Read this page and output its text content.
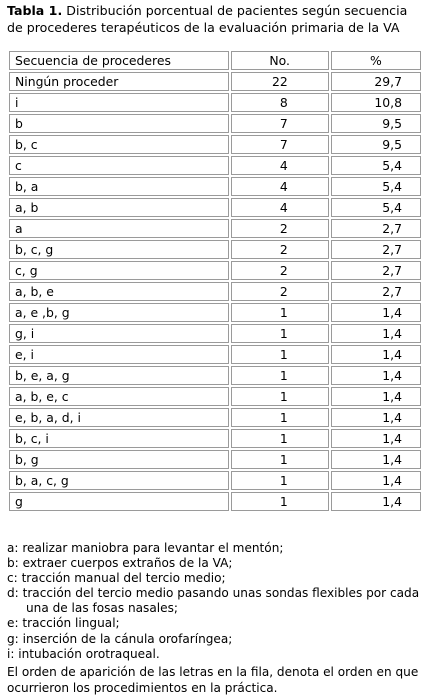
Tabla 1. Distribución porcentual de pacientes según secuencia de procederes terapéuticos de la evaluación primaria de la VA
Secuencia de procederes	No.	%
Ningún proceder	22	29,7
i	8	10,8
b	7	9,5
b, c	7	9,5
c	4	5,4
b, a	4	5,4
a, b	4	5,4
a	2	2,7
b, c, g	2	2,7
c, g	2	2,7
a, b, e	2	2,7
a, e ,b, g	1	1,4
g, i	1	1,4
e, i	1	1,4
b, e, a, g	1	1,4
a, b, e, c	1	1,4
e, b, a, d, i	1	1,4
b, c, i	1	1,4
b, g	1	1,4
b, a, c, g	1	1,4
g	1	1,4
a: realizar maniobra para levantar el mentón;
b: extraer cuerpos extraños de la VA;
c: tracción manual del tercio medio;
d: tracción del tercio medio pasando unas sondas flexibles por cada una de las fosas nasales;
e: tracción lingual;
g: inserción de la cánula orofaríngea;
i: intubación orotraqueal.
El orden de aparición de las letras en la fila, denota el orden en que ocurrieron los procedimientos en la práctica.
